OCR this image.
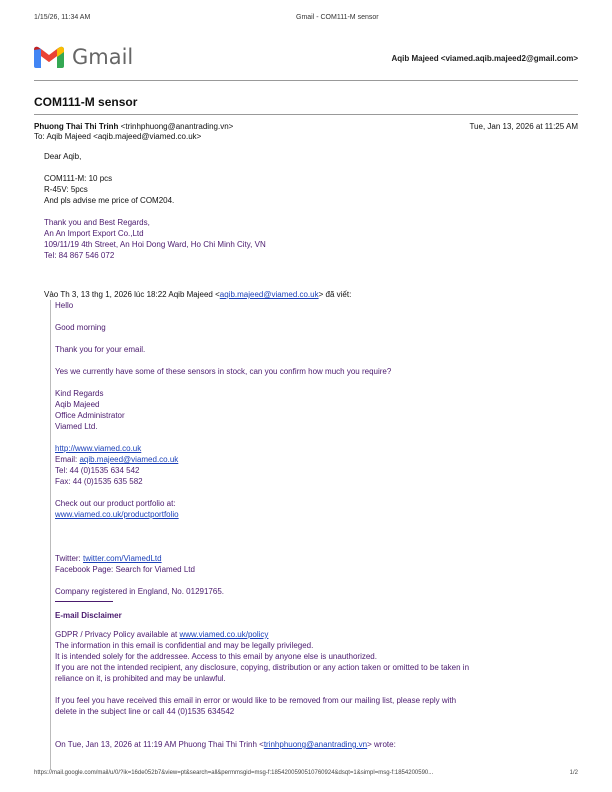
1/15/26, 11:34 AM	Gmail - COM111-M sensor
Gmail	Aqib Majeed <viamed.aqib.majeed2@gmail.com>
COM111-M sensor
Phuong Thai Thi Trinh <trinhphuong@anantrading.vn>	Tue, Jan 13, 2026 at 11:25 AM
To: Aqib Majeed <aqib.majeed@viamed.co.uk>

Dear Aqib,

COM111-M: 10 pcs
R-45V: 5pcs

And pls advise me price of COM204.

Thank you and Best Regards,
An An Import Export Co.,Ltd
109/11/19 4th Street, An Hoi Dong Ward, Ho Chi Minh City, VN
Tel: 84 867 546 072
Vào Th 3, 13 thg 1, 2026 lúc 18:22 Aqib Majeed <aqib.majeed@viamed.co.uk> đã viết:

Hello

Good morning

Thank you for your email.

Yes we currently have some of these sensors in stock, can you confirm how much you require?

Kind Regards
Aqib Majeed
Office Administrator
Viamed Ltd.
http://www.viamed.co.uk
Email: aqib.majeed@viamed.co.uk
Tel: 44 (0)1535 634 542
Fax: 44 (0)1535 635 582
Check out our product portfolio at:
www.viamed.co.uk/productportfolio
Twitter: twitter.com/ViamedLtd
Facebook Page: Search for Viamed Ltd
Company registered in England, No. 01291765.
E-mail Disclaimer
GDPR / Privacy Policy available at www.viamed.co.uk/policy
The information in this email is confidential and may be legally privileged.
It is intended solely for the addressee. Access to this email by anyone else is unauthorized.
If you are not the intended recipient, any disclosure, copying, distribution or any action taken or omitted to be taken in
reliance on it, is prohibited and may be unlawful.
If you feel you have received this email in error or would like to be removed from our mailing list, please reply with
delete in the subject line or call 44 (0)1535 634542
On Tue, Jan 13, 2026 at 11:19 AM Phuong Thai Thi Trinh <trinhphuong@anantrading.vn> wrote:
https://mail.google.com/mail/u/0/?ik=16de052b7&view=pt&search=all&permmsgid=msg-f:1854200590510760924&dsqt=1&simpl=msg-f:1854200590...	1/2
